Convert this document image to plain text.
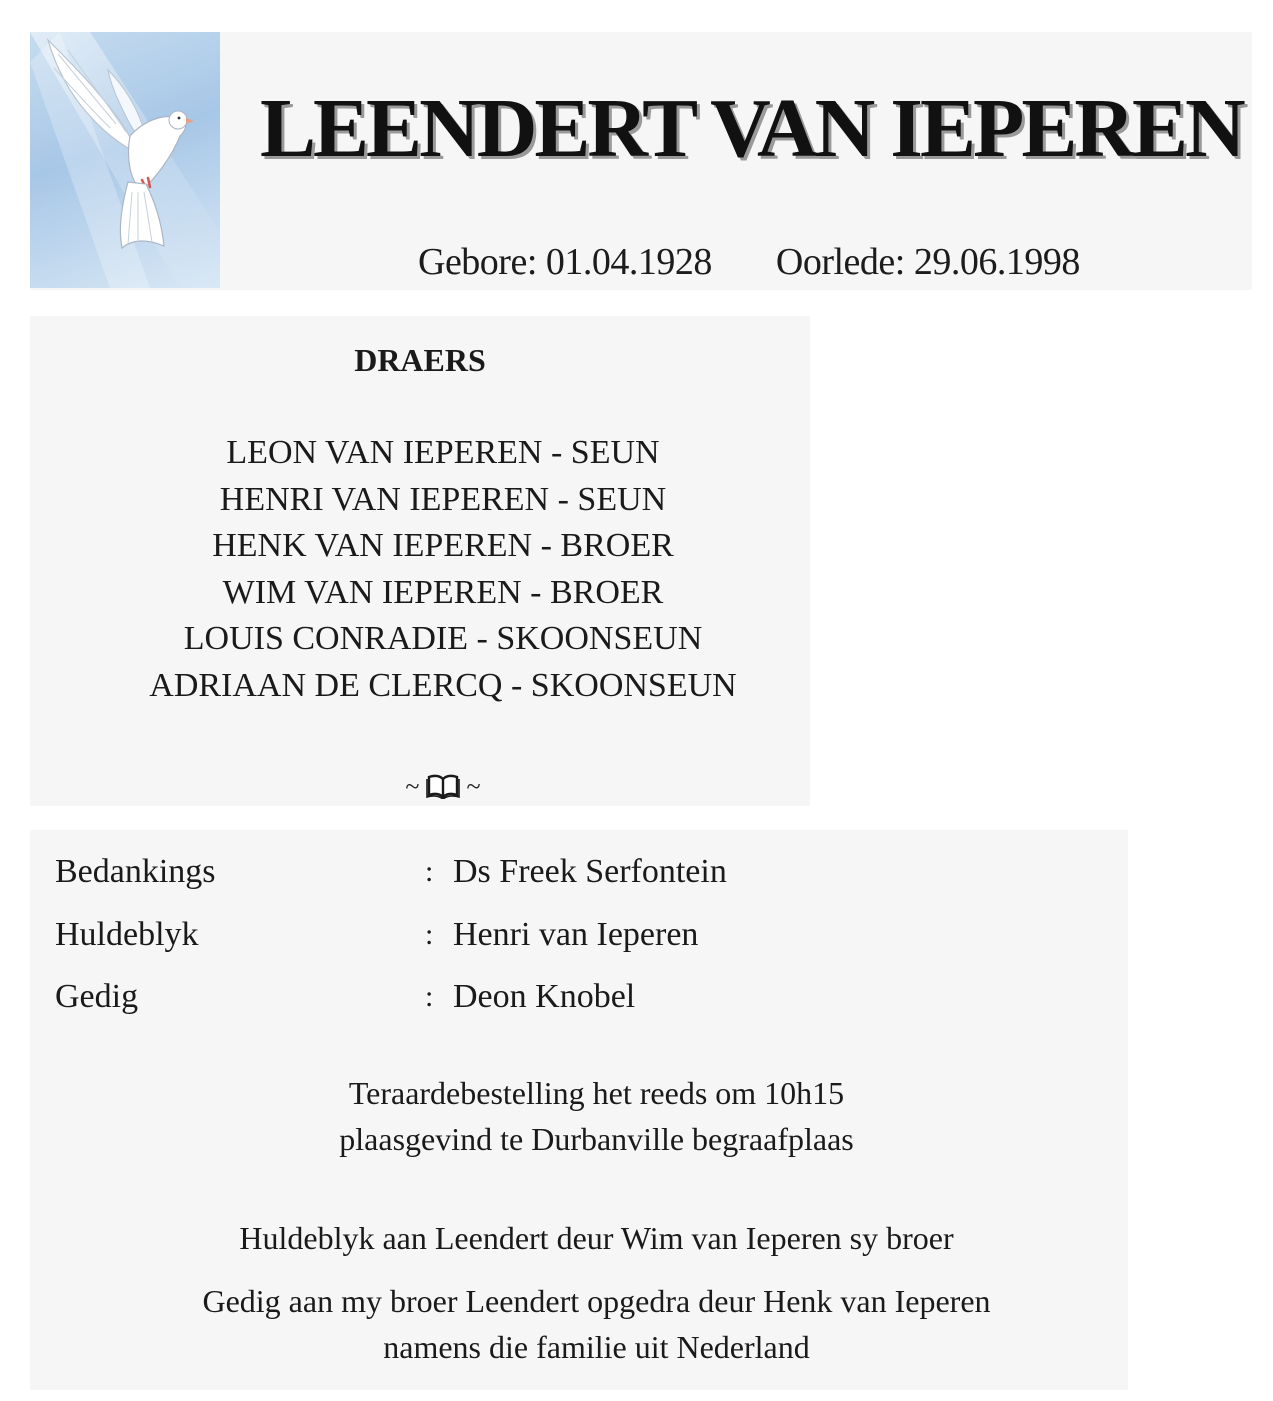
LEENDERT VAN IEPEREN
Gebore: 01.04.1928 Oorlede: 29.06.1998
DRAERS
LEON VAN IEPEREN - SEUN
HENRI VAN IEPEREN - SEUN
HENK VAN IEPEREN - BROER
WIM VAN IEPEREN - BROER
LOUIS CONRADIE - SKOONSEUN
ADRIAAN DE CLERCQ - SKOONSEUN
~ ~
Bedankings	: Ds Freek Serfontein
Huldeblyk	: Henri van Ieperen
Gedig	: Deon Knobel
Teraardebestelling het reeds om 10h15
plaasgevind te Durbanville begraafplaas
Huldeblyk aan Leendert deur Wim van Ieperen sy broer
Gedig aan my broer Leendert opgedra deur Henk van Ieperen
namens die familie uit Nederland
